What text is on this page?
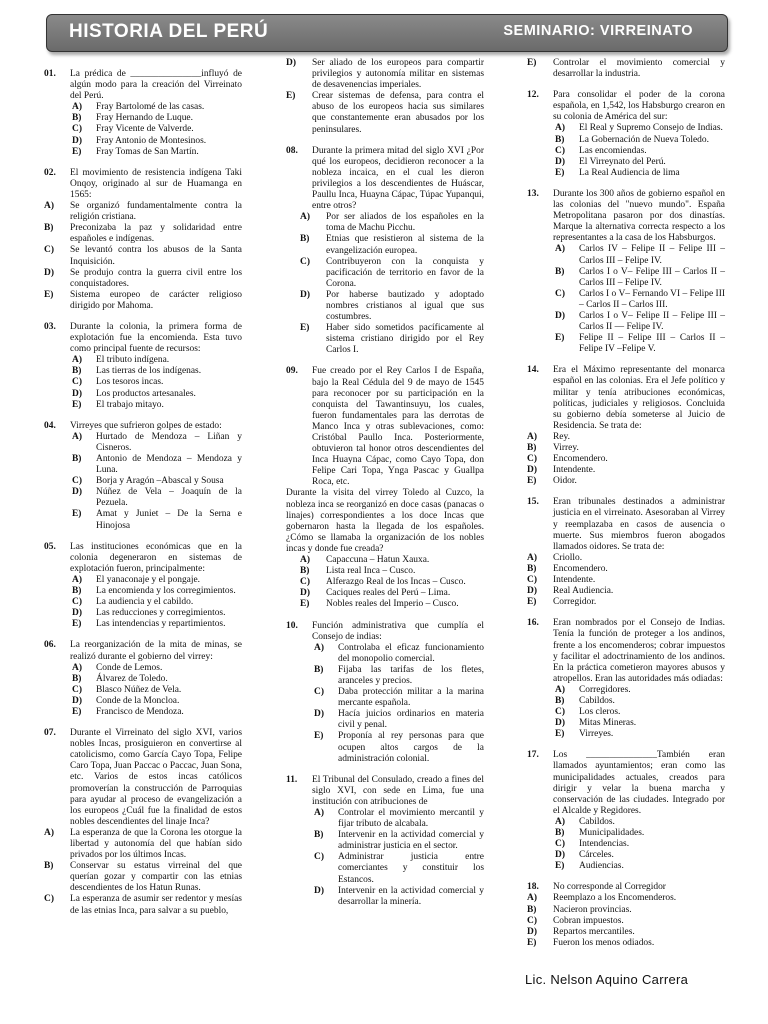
HISTORIA DEL PERÚ	SEMINARIO: VIRREINATO
01.	La prédica de _______________influyó de algún modo para la creación del Virreinato del Perú.
A)	Fray Bartolomé de las casas.
B)	Fray Hernando de Luque.
C)	Fray Vicente de Valverde.
D)	Fray Antonio de Montesinos.
E)	Fray Tomas de San Martín.
02.	El movimiento de resistencia indígena Taki Onqoy, originado al sur de Huamanga en 1565:
A)	Se organizó fundamentalmente contra la religión cristiana.
B)	Preconizaba la paz y solidaridad entre españoles e indígenas.
C)	Se levantó contra los abusos de la Santa Inquisición.
D)	Se produjo contra la guerra civil entre los conquistadores.
E)	Sistema europeo de carácter religioso dirigido por Mahoma.
03.	Durante la colonia, la primera forma de explotación fue la encomienda. Esta tuvo como principal fuente de recursos:
A)	El tributo indígena.
B)	Las tierras de los indígenas.
C)	Los tesoros incas.
D)	Los productos artesanales.
E)	El trabajo mitayo.
04.	Virreyes que sufrieron golpes de estado:
A)	Hurtado de Mendoza – Liñan y Cisneros.
B)	Antonio de Mendoza – Mendoza y Luna.
C)	Borja y Aragón –Abascal y Sousa
D)	Núñez de Vela – Joaquín de la Pezuela.
E)	Amat y Juniet – De la Serna e Hinojosa
05.	Las instituciones económicas que en la colonia degeneraron en sistemas de explotación fueron, principalmente:
A)	El yanaconaje y el pongaje.
B)	La encomienda y los corregimientos.
C)	La audiencia y el cabildo.
D)	Las reducciones y corregimientos.
E)	Las intendencias y repartimientos.
06.	La reorganización de la mita de minas, se realizó durante el gobierno del virrey:
A)	Conde de Lemos.
B)	Álvarez de Toledo.
C)	Blasco Núñez de Vela.
D)	Conde de la Moncloa.
E)	Francisco de Mendoza.
07.	Durante el Virreinato del siglo XVI, varios nobles Incas, prosiguieron en convertirse al catolicismo, como García Cayo Topa, Felipe Caro Topa, Juan Paccac o Paccac, Juan Sona, etc. Varios de estos incas católicos promoverían la construcción de Parroquias para ayudar al proceso de evangelización a los europeos ¿Cuál fue la finalidad de estos nobles descendientes del linaje Inca?
A)	La esperanza de que la Corona les otorgue la libertad y autonomía del que habían sido privados por los últimos Incas.
B)	Conservar su estatus virreinal del que querían gozar y compartir con las etnias descendientes de los Hatun Runas.
C)	La esperanza de asumir ser redentor y mesías de las etnias Inca, para salvar a su pueblo,
D)	Ser aliado de los europeos para compartir privilegios y autonomía militar en sistemas de desavenencias imperiales.
E)	Crear sistemas de defensa, para contra el abuso de los europeos hacia sus similares que constantemente eran abusados por los peninsulares.
08.	Durante la primera mitad del siglo XVI ¿Por qué los europeos, decidieron reconocer a la nobleza incaica, en el cual les dieron privilegios a los descendientes de Huáscar, Paullu Inca, Huayna Cápac, Túpac Yupanqui, entre otros?
A)	Por ser aliados de los españoles en la toma de Machu Picchu.
B)	Etnias que resistieron al sistema de la evangelización europea.
C)	Contribuyeron con la conquista y pacificación de territorio en favor de la Corona.
D)	Por haberse bautizado y adoptado nombres cristianos al igual que sus costumbres.
E)	Haber sido sometidos pacíficamente al sistema cristiano dirigido por el Rey Carlos I.
09.	Fue creado por el Rey Carlos I de España, bajo la Real Cédula del 9 de mayo de 1545 para reconocer por su participación en la conquista del Tawantinsuyu, los cuales, fueron fundamentales para las derrotas de Manco Inca y otras sublevaciones, como: Cristóbal Paullo Inca. Posteriormente, obtuvieron tal honor otros descendientes del Inca Huayna Cápac, como Cayo Topa, don Felipe Cari Topa, Ynga Pascac y Guallpa Roca, etc.
Durante la visita del virrey Toledo al Cuzco, la nobleza inca se reorganizó en doce casas (panacas o linajes) correspondientes a los doce Incas que gobernaron hasta la llegada de los españoles. ¿Cómo se llamaba la organización de los nobles incas y donde fue creada?
A)	Capaccuna – Hatun Xauxa.
B)	Lista real Inca – Cusco.
C)	Alferazgo Real de los Incas – Cusco.
D)	Caciques reales del Perú – Lima.
E)	Nobles reales del Imperio – Cusco.
10.	Función administrativa que cumplía el Consejo de indias:
A)	Controlaba el eficaz funcionamiento del monopolio comercial.
B)	Fijaba las tarifas de los fletes, aranceles y precios.
C)	Daba protección militar a la marina mercante española.
D)	Hacía juicios ordinarios en materia civil y penal.
E)	Proponía al rey personas para que ocupen altos cargos de la administración colonial.
11.	El Tribunal del Consulado, creado a fines del siglo XVI, con sede en Lima, fue una institución con atribuciones de
A)	Controlar el movimiento mercantil y fijar tributo de alcabala.
B)	Intervenir en la actividad comercial y administrar justicia en el sector.
C)	Administrar justicia entre comerciantes y constituir los Estancos.
D)	Intervenir en la actividad comercial y desarrollar la minería.
E)	Controlar el movimiento comercial y desarrollar la industria.
12.	Para consolidar el poder de la corona española, en 1,542, los Habsburgo crearon en su colonia de América del sur:
A)	El Real y Supremo Consejo de Indias.
B)	La Gobernación de Nueva Toledo.
C)	Las encomiendas.
D)	El Virreynato del Perú.
E)	La Real Audiencia de lima
13.	Durante los 300 años de gobierno español en las colonias del "nuevo mundo". España Metropolitana pasaron por dos dinastías. Marque la alternativa correcta respecto a los representantes a la casa de los Habsburgos.
A)	Carlos IV – Felipe II – Felipe III – Carlos III – Felipe IV.
B)	Carlos I o V– Felipe III – Carlos II – Carlos III – Felipe IV.
C)	Carlos I o V– Fernando VI – Felipe III – Carlos II – Carlos III.
D)	Carlos I o V– Felipe II – Felipe III – Carlos II — Felipe IV.
E)	Felipe II – Felipe III – Carlos II – Felipe IV –Felipe V.
14.	Era el Máximo representante del monarca español en las colonias. Era el Jefe político y militar y tenía atribuciones económicas, políticas, judiciales y religiosos. Concluida su gobierno debía someterse al Juicio de Residencia. Se trata de:
A)	Rey.
B)	Virrey.
C)	Encomendero.
D)	Intendente.
E)	Oidor.
15.	Eran tribunales destinados a administrar justicia en el virreinato. Asesoraban al Virrey y reemplazaba en casos de ausencia o muerte. Sus miembros fueron abogados llamados oidores. Se trata de:
A)	Criollo.
B)	Encomendero.
C)	Intendente.
D)	Real Audiencia.
E)	Corregidor.
16.	Eran nombrados por el Consejo de Indias. Tenía la función de proteger a los andinos, frente a los encomenderos; cobrar impuestos y facilitar el adoctrinamiento de los andinos. En la práctica cometieron mayores abusos y atropellos. Eran las autoridades más odiadas:
A)	Corregidores.
B)	Cabildos.
C)	Los cleros.
D)	Mitas Mineras.
E)	Virreyes.
17.	Los _______________También eran llamados ayuntamientos; eran como las municipalidades actuales, creados para dirigir y velar la buena marcha y conservación de las ciudades. Integrado por el Alcalde y Regidores.
A)	Cabildos.
B)	Municipalidades.
C)	Intendencias.
D)	Cárceles.
E)	Audiencias.
18.	No corresponde al Corregidor
A)	Reemplazo a los Encomenderos.
B)	Nacieron provincias.
C)	Cobran impuestos.
D)	Repartos mercantiles.
E)	Fueron los menos odiados.
Lic. Nelson Aquino Carrera
